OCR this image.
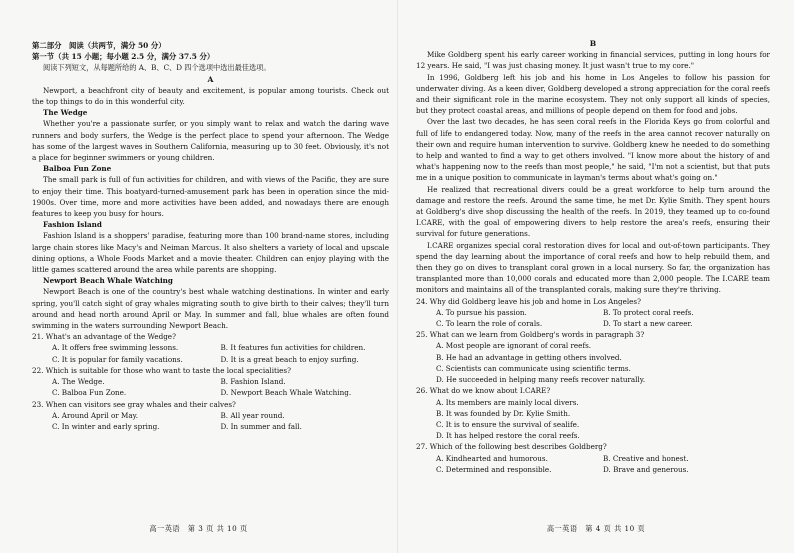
第二部分　阅读（共两节，满分 50 分）

第一节（共 15 小题；每小题 2.5 分，满分 37.5 分）

阅读下列短文，从每题所给的 A、B、C、D 四个选项中选出最佳选项。

A

Newport, a beachfront city of beauty and excitement, is popular among tourists. Check out the top things to do in this wonderful city.

The Wedge

Whether you're a passionate surfer, or you simply want to relax and watch the daring wave runners and body surfers, the Wedge is the perfect place to spend your afternoon. The Wedge has some of the largest waves in Southern California, measuring up to 30 feet. Obviously, it's not a place for beginner swimmers or young children.

Balboa Fun Zone

The small park is full of fun activities for children, and with views of the Pacific, they are sure to enjoy their time. This boatyard-turned-amusement park has been in operation since the mid-1900s. Over time, more and more activities have been added, and nowadays there are enough features to keep you busy for hours.

Fashion Island

Fashion Island is a shoppers' paradise, featuring more than 100 brand-name stores, including large chain stores like Macy's and Neiman Marcus. It also shelters a variety of local and upscale dining options, a Whole Foods Market and a movie theater. Children can enjoy playing with the little games scattered around the area while parents are shopping.

Newport Beach Whale Watching

Newport Beach is one of the country's best whale watching destinations. In winter and early spring, you'll catch sight of gray whales migrating south to give birth to their calves; they'll turn around and head north around April or May. In summer and fall, blue whales are often found swimming in the waters surrounding Newport Beach.

21. What's an advantage of the Wedge?

A. It offers free swimming lessons.	B. It features fun activities for children.
C. It is popular for family vacations.	D. It is a great beach to enjoy surfing.

22. Which is suitable for those who want to taste the local specialities?

A. The Wedge.	B. Fashion Island.
C. Balboa Fun Zone.	D. Newport Beach Whale Watching.

23. When can visitors see gray whales and their calves?

A. Around April or May.	B. All year round.
C. In winter and early spring.	D. In summer and fall.
高一英语　第 3 页 共 10 页

B

Mike Goldberg spent his early career working in financial services, putting in long hours for 12 years. He said, "I was just chasing money. It just wasn't true to my core."

In 1996, Goldberg left his job and his home in Los Angeles to follow his passion for underwater diving. As a keen diver, Goldberg developed a strong appreciation for the coral reefs and their significant role in the marine ecosystem. They not only support all kinds of species, but they protect coastal areas, and millions of people depend on them for food and jobs.

Over the last two decades, he has seen coral reefs in the Florida Keys go from colorful and full of life to endangered today. Now, many of the reefs in the area cannot recover naturally on their own and require human intervention to survive. Goldberg knew he needed to do something to help and wanted to find a way to get others involved. "I know more about the history of and what's happening now to the reefs than most people," he said, "I'm not a scientist, but that puts me in a unique position to communicate in layman's terms about what's going on."

He realized that recreational divers could be a great workforce to help turn around the damage and restore the reefs. Around the same time, he met Dr. Kylie Smith. They spent hours at Goldberg's dive shop discussing the health of the reefs. In 2019, they teamed up to co-found I.CARE, with the goal of empowering divers to help restore the area's reefs, ensuring their survival for future generations.

I.CARE organizes special coral restoration dives for local and out-of-town participants. They spend the day learning about the importance of coral reefs and how to help rebuild them, and then they go on dives to transplant coral grown in a local nursery. So far, the organization has transplanted more than 10,000 corals and educated more than 2,000 people. The I.CARE team monitors and maintains all of the transplanted corals, making sure they're thriving.

24. Why did Goldberg leave his job and home in Los Angeles?

A. To pursue his passion.	B. To protect coral reefs.
C. To learn the role of corals.	D. To start a new career.

25. What can we learn from Goldberg's words in paragraph 3?

A. Most people are ignorant of coral reefs.
B. He had an advantage in getting others involved.
C. Scientists can communicate using scientific terms.
D. He succeeded in helping many reefs recover naturally.

26. What do we know about I.CARE?

A. Its members are mainly local divers.
B. It was founded by Dr. Kylie Smith.
C. It is to ensure the survival of sealife.
D. It has helped restore the coral reefs.

27. Which of the following best describes Goldberg?

A. Kindhearted and humorous.	B. Creative and honest.
C. Determined and responsible.	D. Brave and generous.
高一英语　第 4 页 共 10 页
